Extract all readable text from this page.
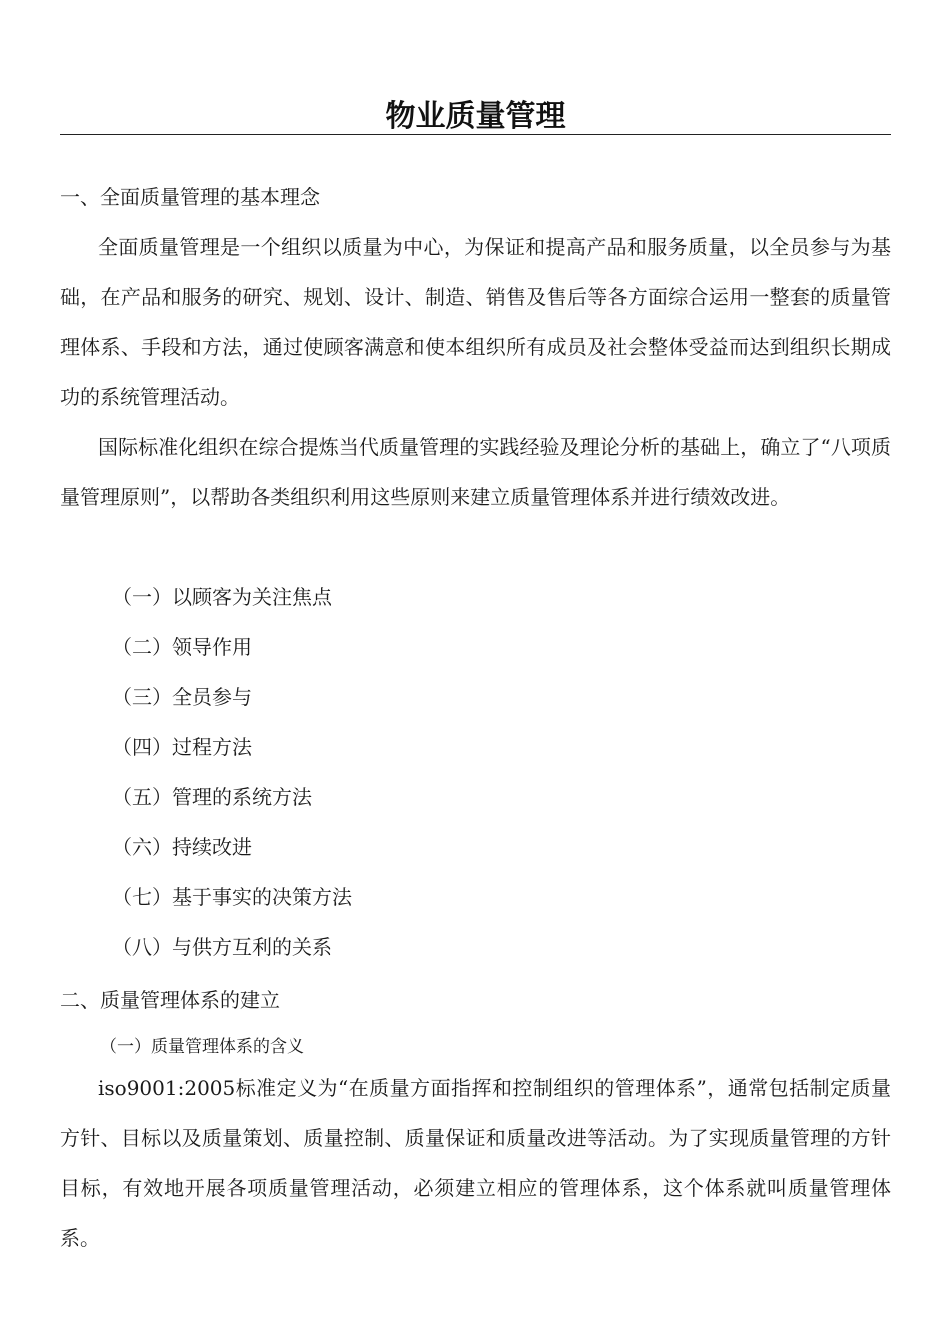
物业质量管理
一、全面质量管理的基本理念
全面质量管理是一个组织以质量为中心，为保证和提高产品和服务质量，以全员参与为基础，在产品和服务的研究、规划、设计、制造、销售及售后等各方面综合运用一整套的质量管理体系、手段和方法，通过使顾客满意和使本组织所有成员及社会整体受益而达到组织长期成功的系统管理活动。
国际标准化组织在综合提炼当代质量管理的实践经验及理论分析的基础上，确立了“八项质量管理原则”，以帮助各类组织利用这些原则来建立质量管理体系并进行绩效改进。
（一）以顾客为关注焦点
（二）领导作用
（三）全员参与
（四）过程方法
（五）管理的系统方法
（六）持续改进
（七）基于事实的决策方法
（八）与供方互利的关系
二、质量管理体系的建立
（一）质量管理体系的含义
iso9001:2005标准定义为“在质量方面指挥和控制组织的管理体系”，通常包括制定质量方针、目标以及质量策划、质量控制、质量保证和质量改进等活动。为了实现质量管理的方针目标，有效地开展各项质量管理活动，必须建立相应的管理体系，这个体系就叫质量管理体系。
